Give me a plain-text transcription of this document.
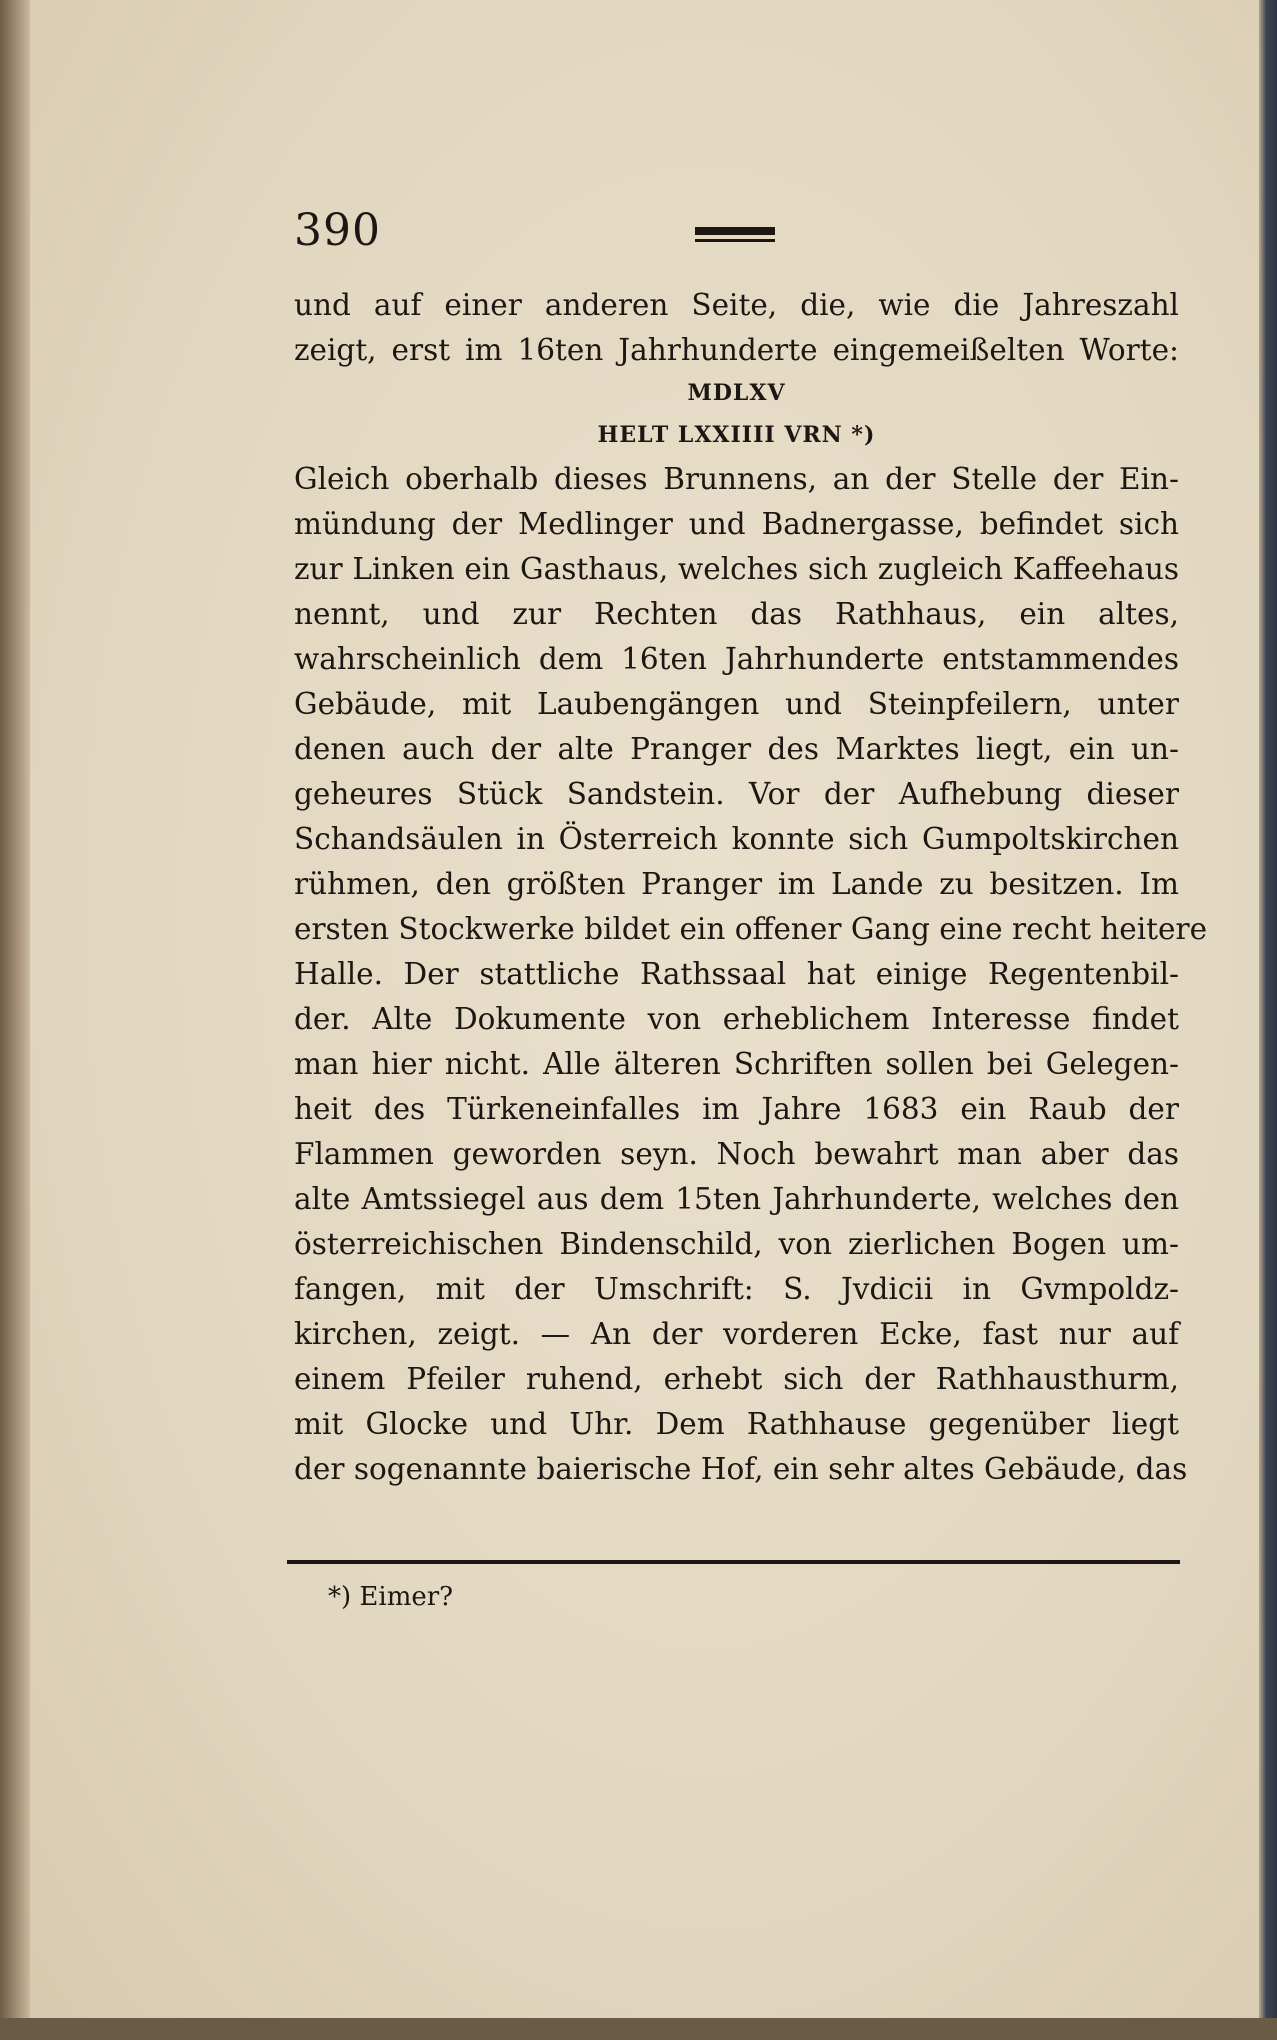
390
und auf einer anderen Seite, die, wie die Jahreszahl
zeigt, erst im 16ten Jahrhunderte eingemeißelten Worte:
MDLXV
HELT LXXIIII VRN *)
Gleich oberhalb dieses Brunnens, an der Stelle der Ein-
mündung der Medlinger und Badnergasse, befindet sich
zur Linken ein Gasthaus, welches sich zugleich Kaffeehaus
nennt, und zur Rechten das Rathhaus, ein altes,
wahrscheinlich dem 16ten Jahrhunderte entstammendes
Gebäude, mit Laubengängen und Steinpfeilern, unter
denen auch der alte Pranger des Marktes liegt, ein un-
geheures Stück Sandstein. Vor der Aufhebung dieser
Schandsäulen in Österreich konnte sich Gumpoltskirchen
rühmen, den größten Pranger im Lande zu besitzen. Im
ersten Stockwerke bildet ein offener Gang eine recht heitere
Halle. Der stattliche Rathssaal hat einige Regentenbil-
der. Alte Dokumente von erheblichem Interesse findet
man hier nicht. Alle älteren Schriften sollen bei Gelegen-
heit des Türkeneinfalles im Jahre 1683 ein Raub der
Flammen geworden seyn. Noch bewahrt man aber das
alte Amtssiegel aus dem 15ten Jahrhunderte, welches den
österreichischen Bindenschild, von zierlichen Bogen um-
fangen, mit der Umschrift: S. Jvdicii in Gvmpoldz-
kirchen, zeigt. — An der vorderen Ecke, fast nur auf
einem Pfeiler ruhend, erhebt sich der Rathhausthurm,
mit Glocke und Uhr. Dem Rathhause gegenüber liegt
der sogenannte baierische Hof, ein sehr altes Gebäude, das
*) Eimer?
